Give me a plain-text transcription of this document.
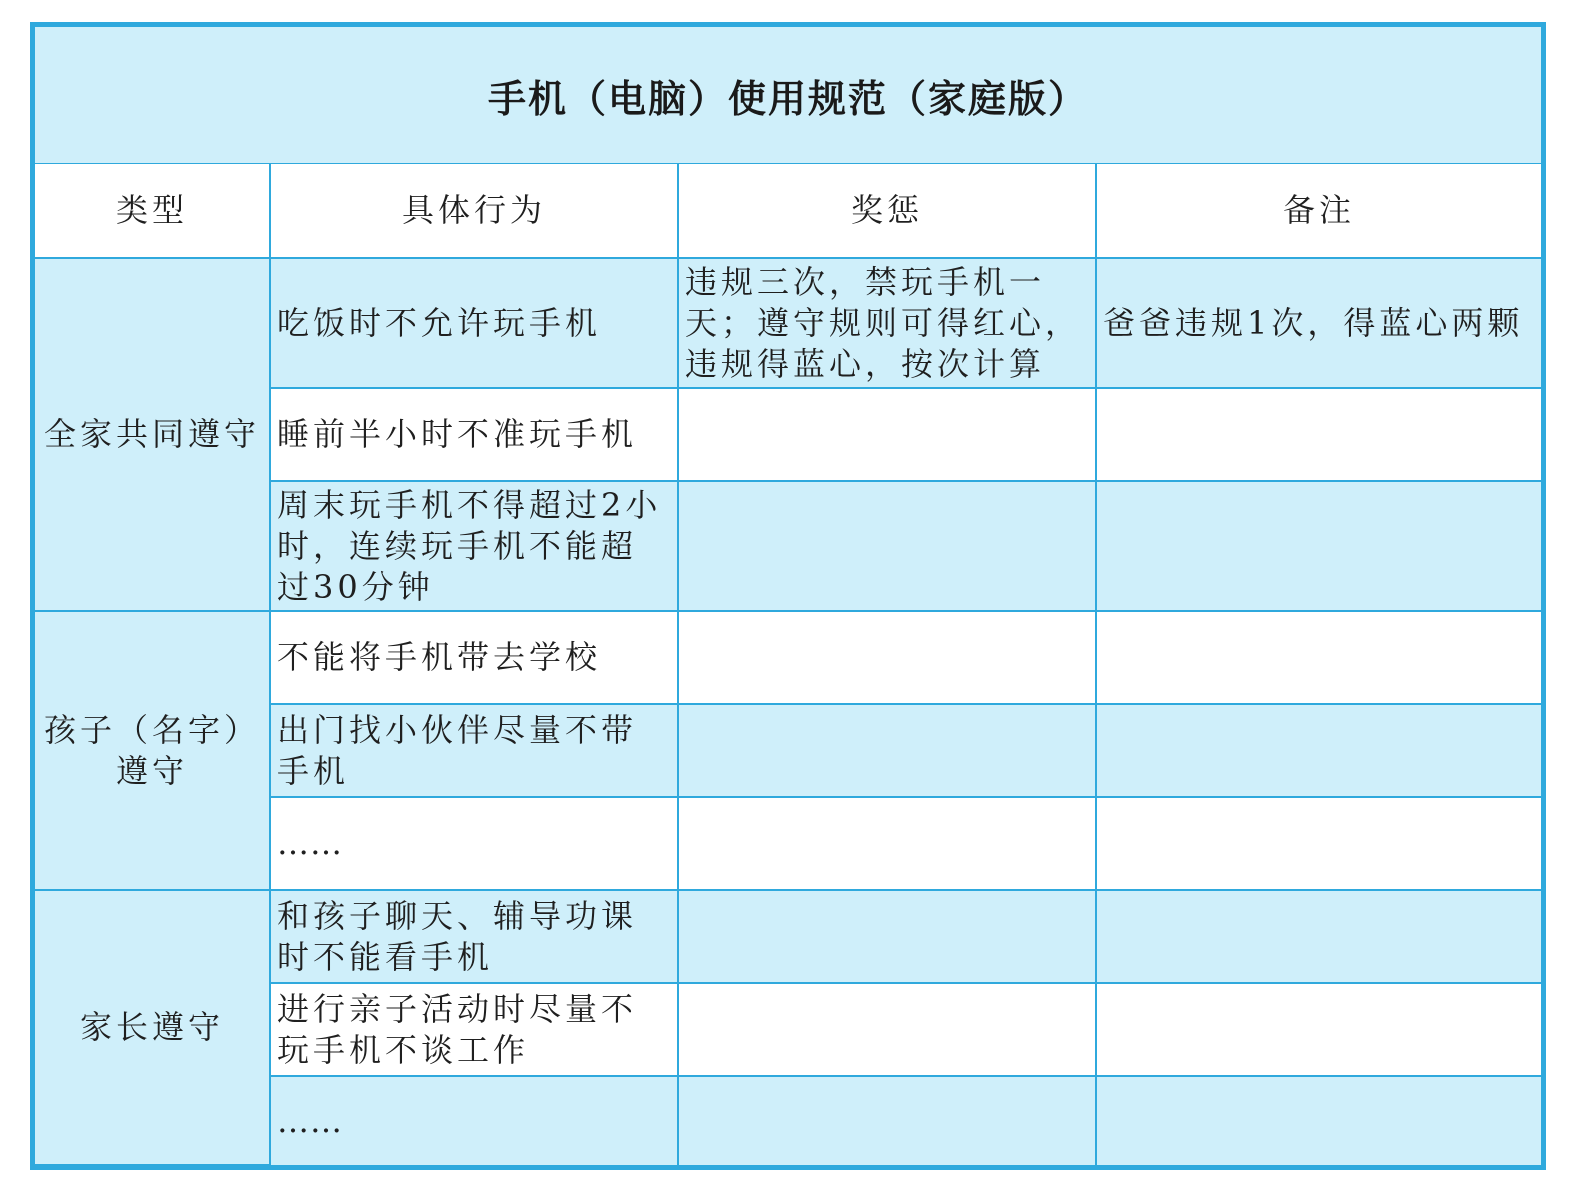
手机（电脑）使用规范（家庭版）
类型	具体行为	奖惩	备注
全家共同遵守	吃饭时不允许玩手机	违规三次，禁玩手机一天；遵守规则可得红心，违规得蓝心，按次计算	爸爸违规1次，得蓝心两颗
	睡前半小时不准玩手机		
	周末玩手机不得超过2小时，连续玩手机不能超过30分钟		
孩子（名字）遵守	不能将手机带去学校		
	出门找小伙伴尽量不带手机		
	……		
家长遵守	和孩子聊天、辅导功课时不能看手机		
	进行亲子活动时尽量不玩手机不谈工作		
	……		
